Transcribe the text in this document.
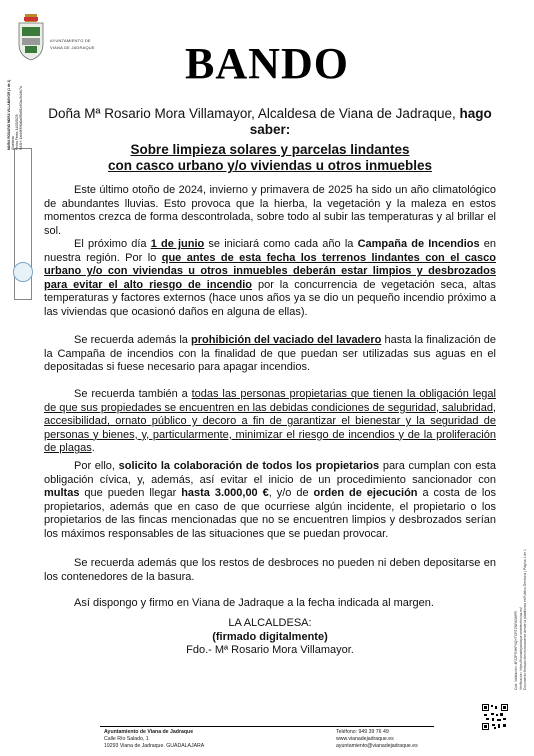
AYUNTAMIENTO DE
VIANA DE JADRAQUE	BANDO
MARIA ROSARIO MORA VILLAMAYOR (1 de 1) Alcaldesa Fecha Firma: 14/05/2025 HASH: 1ebb9f396d0a0f5b6f1e9f2ac3e24b7d
Cód. Validación: 4F2ZP7NHPXQYTCRTZNFASMFR Verificación: https://vianadejadraque.sedelectronica.es/ Documento firmado electrónicamente desde la plataforma esPublico Gestiona | Página 1 de 1
Doña Mª Rosario Mora Villamayor, Alcaldesa de Viana de Jadraque, hago saber:
Sobre limpieza solares y parcelas lindantes
con casco urbano y/o viviendas u otros inmuebles

Este último otoño de 2024, invierno y primavera de 2025 ha sido un año climatológico de abundantes lluvias. Esto provoca que la hierba, la vegetación y la maleza en estos momentos crezca de forma descontrolada, sobre todo al subir las temperaturas y al brillar el sol.

El próximo día 1 de junio se iniciará como cada año la Campaña de Incendios en nuestra región. Por lo que antes de esta fecha los terrenos lindantes con el casco urbano y/o con viviendas u otros inmuebles deberán estar limpios y desbrozados para evitar el alto riesgo de incendio por la concurrencia de vegetación seca, altas temperaturas y factores externos (hace unos años ya se dio un pequeño incendio próximo a las viviendas que ocasionó daños en alguna de ellas).

Se recuerda además la prohibición del vaciado del lavadero hasta la finalización de la Campaña de incendios con la finalidad de que puedan ser utilizadas sus aguas en el depositadas si fuese necesario para apagar incendios.

Se recuerda también a todas las personas propietarias que tienen la obligación legal de que sus propiedades se encuentren en las debidas condiciones de seguridad, salubridad, accesibilidad, ornato público y decoro a fin de garantizar el bienestar y la seguridad de personas y bienes, y, particularmente, minimizar el riesgo de incendios y de la proliferación de plagas.

Por ello, solicito la colaboración de todos los propietarios para cumplan con esta obligación cívica, y, además, así evitar el inicio de un procedimiento sancionador con multas que pueden llegar hasta 3.000,00 €, y/o de orden de ejecución a costa de los propietarios, además que en caso de que ocurriese algún incidente, el propietario o los propietarios de las fincas mencionadas que no se encuentren limpios y desbrozados serían los máximos responsables de las situaciones que se puedan provocar.

Se recuerda además que los restos de desbroces no pueden ni deben depositarse en los contenedores de la basura.

Así dispongo y firmo en Viana de Jadraque a la fecha indicada al margen.

LA ALCALDESA:
(firmado digitalmente)
Fdo.- Mª Rosario Mora Villamayor.
Ayuntamiento de Viana de Jadraque
Calle Río Salado, 1
19293 Viana de Jadraque. GUADALAJARA
Teléfono: 949 39 76 49
www.vianadejadraque.es
ayuntamiento@vianadejadraque.es
